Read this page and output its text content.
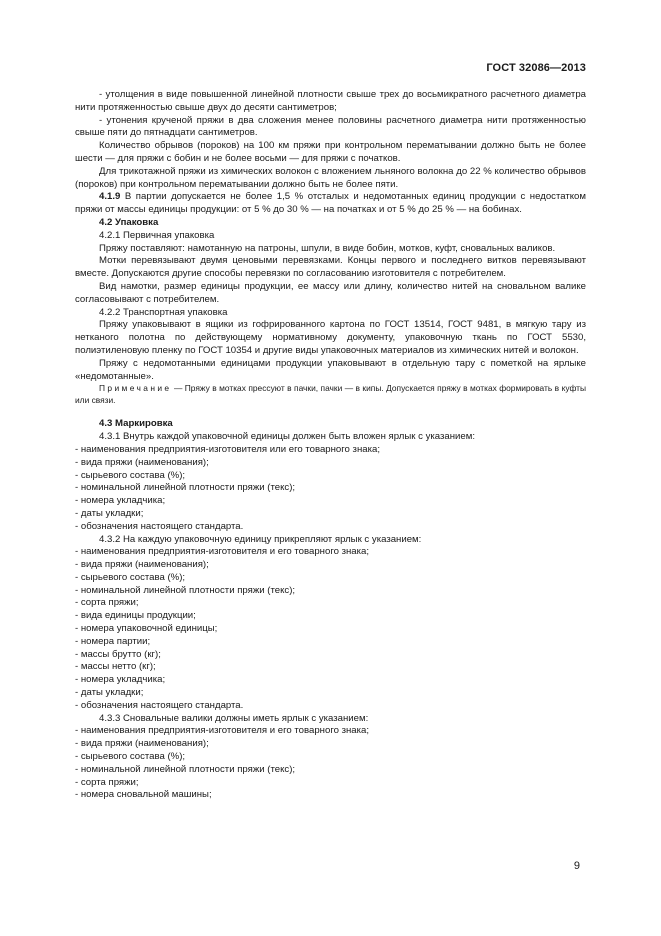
ГОСТ 32086—2013

- утолщения в виде повышенной линейной плотности свыше трех до восьмикратного расчетного диаметра нити протяженностью свыше двух до десяти сантиметров;

- утонения крученой пряжи в два сложения менее половины расчетного диаметра нити протяженностью свыше пяти до пятнадцати сантиметров.

Количество обрывов (пороков) на 100 км пряжи при контрольном перематывании должно быть не более шести — для пряжи с бобин и не более восьми — для пряжи с початков.

Для трикотажной пряжи из химических волокон с вложением льняного волокна до 22 % количество обрывов (пороков) при контрольном перематывании должно быть не более пяти.

4.1.9 В партии допускается не более 1,5 % отсталых и недомотанных единиц продукции с недостатком пряжи от массы единицы продукции: от 5 % до 30 % — на початках и от 5 % до 25 % — на бобинах.

4.2 Упаковка

4.2.1 Первичная упаковка

Пряжу поставляют: намотанную на патроны, шпули, в виде бобин, мотков, куфт, сновальных валиков.

Мотки перевязывают двумя ценовыми перевязками. Концы первого и последнего витков перевязывают вместе. Допускаются другие способы перевязки по согласованию изготовителя с потребителем.

Вид намотки, размер единицы продукции, ее массу или длину, количество нитей на сновальном валике согласовывают с потребителем.

4.2.2 Транспортная упаковка

Пряжу упаковывают в ящики из гофрированного картона по ГОСТ 13514, ГОСТ 9481, в мягкую тару из нетканого полотна по действующему нормативному документу, упаковочную ткань по ГОСТ 5530, полиэтиленовую пленку по ГОСТ 10354 и другие виды упаковочных материалов из химических нитей и волокон.

Пряжу с недомотанными единицами продукции упаковывают в отдельную тару с пометкой на ярлыке «недомотанные».

Примечание — Пряжу в мотках прессуют в пачки, пачки — в кипы. Допускается пряжу в мотках формировать в куфты или связи.

4.3 Маркировка

4.3.1 Внутрь каждой упаковочной единицы должен быть вложен ярлык с указанием:

- наименования предприятия-изготовителя или его товарного знака;

- вида пряжи (наименования);

- сырьевого состава (%);

- номинальной линейной плотности пряжи (текс);

- номера укладчика;

- даты укладки;

- обозначения настоящего стандарта.

4.3.2 На каждую упаковочную единицу прикрепляют ярлык с указанием:

- наименования предприятия-изготовителя и его товарного знака;

- вида пряжи (наименования);

- сырьевого состава (%);

- номинальной линейной плотности пряжи (текс);

- сорта пряжи;

- вида единицы продукции;

- номера упаковочной единицы;

- номера партии;

- массы брутто (кг);

- массы нетто (кг);

- номера укладчика;

- даты укладки;

- обозначения настоящего стандарта.

4.3.3 Сновальные валики должны иметь ярлык с указанием:

- наименования предприятия-изготовителя и его товарного знака;

- вида пряжи (наименования);

- сырьевого состава (%);

- номинальной линейной плотности пряжи (текс);

- сорта пряжи;

- номера сновальной машины;

9
